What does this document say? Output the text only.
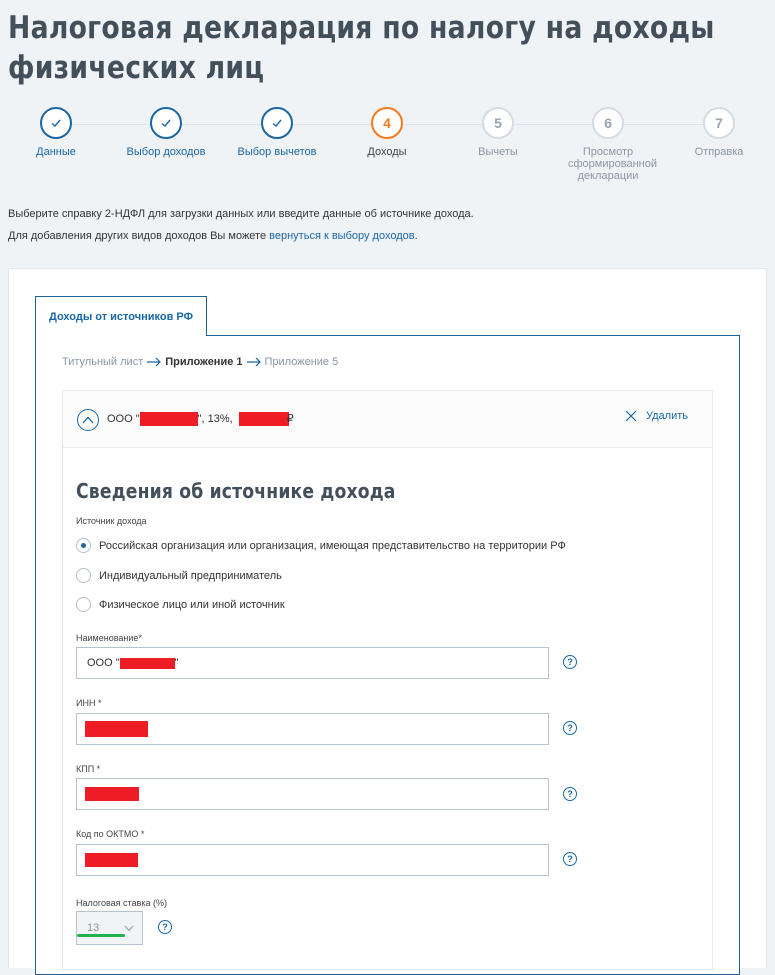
Налоговая декларация по налогу на доходы физических лиц
Данные	Выбор доходов	Выбор вычетов
4
Доходы
5
Вычеты
6
Просмотр сформированной декларации
7
Отправка
Выберите справку 2-НДФЛ для загрузки данных или введите данные об источнике дохода.
Для добавления других видов доходов Вы можете вернуться к выбору доходов.
Доходы от источников РФ
Титульный лист Приложение 1 Приложение 5
ООО "	", 13%,	₽	Удалить
Сведения об источнике дохода
Источник дохода
Российская организация или организация, имеющая представительство на территории РФ
Индивидуальный предприниматель
Физическое лицо или иной источник
Наименование*
ООО "	"	?
ИНН *
?
КПП *
?
Код по ОКТМО *
?
Налоговая ставка (%)
13	?
